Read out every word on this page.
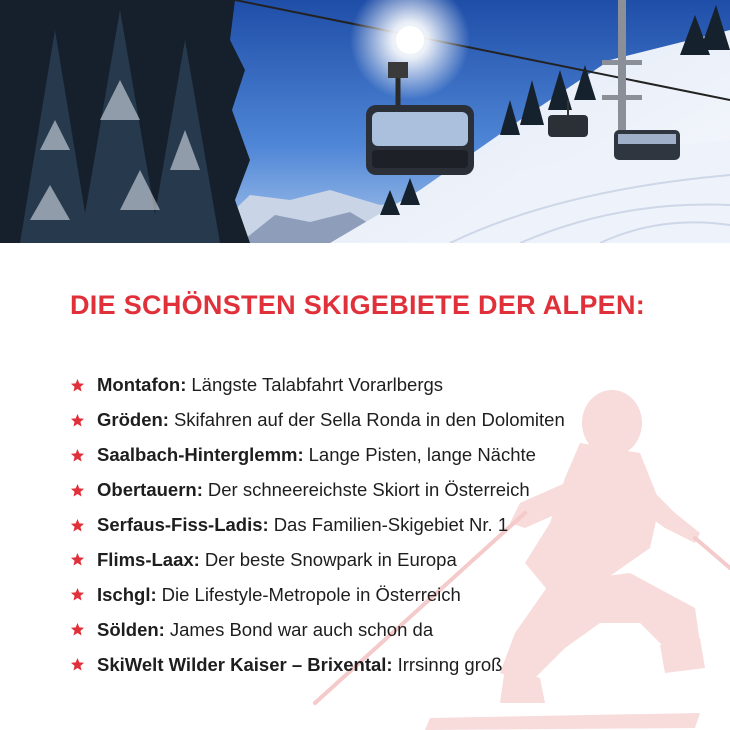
DIE SCHÖNSTEN SKIGEBIETE DER ALPEN:
Montafon: Längste Talabfahrt Vorarlbergs
Gröden: Skifahren auf der Sella Ronda in den Dolomiten
Saalbach-Hinterglemm: Lange Pisten, lange Nächte
Obertauern: Der schneereichste Skiort in Österreich
Serfaus-Fiss-Ladis: Das Familien-Skigebiet Nr. 1
Flims-Laax: Der beste Snowpark in Europa
Ischgl: Die Lifestyle-Metropole in Österreich
Sölden: James Bond war auch schon da
SkiWelt Wilder Kaiser – Brixental: Irrsinng groß
